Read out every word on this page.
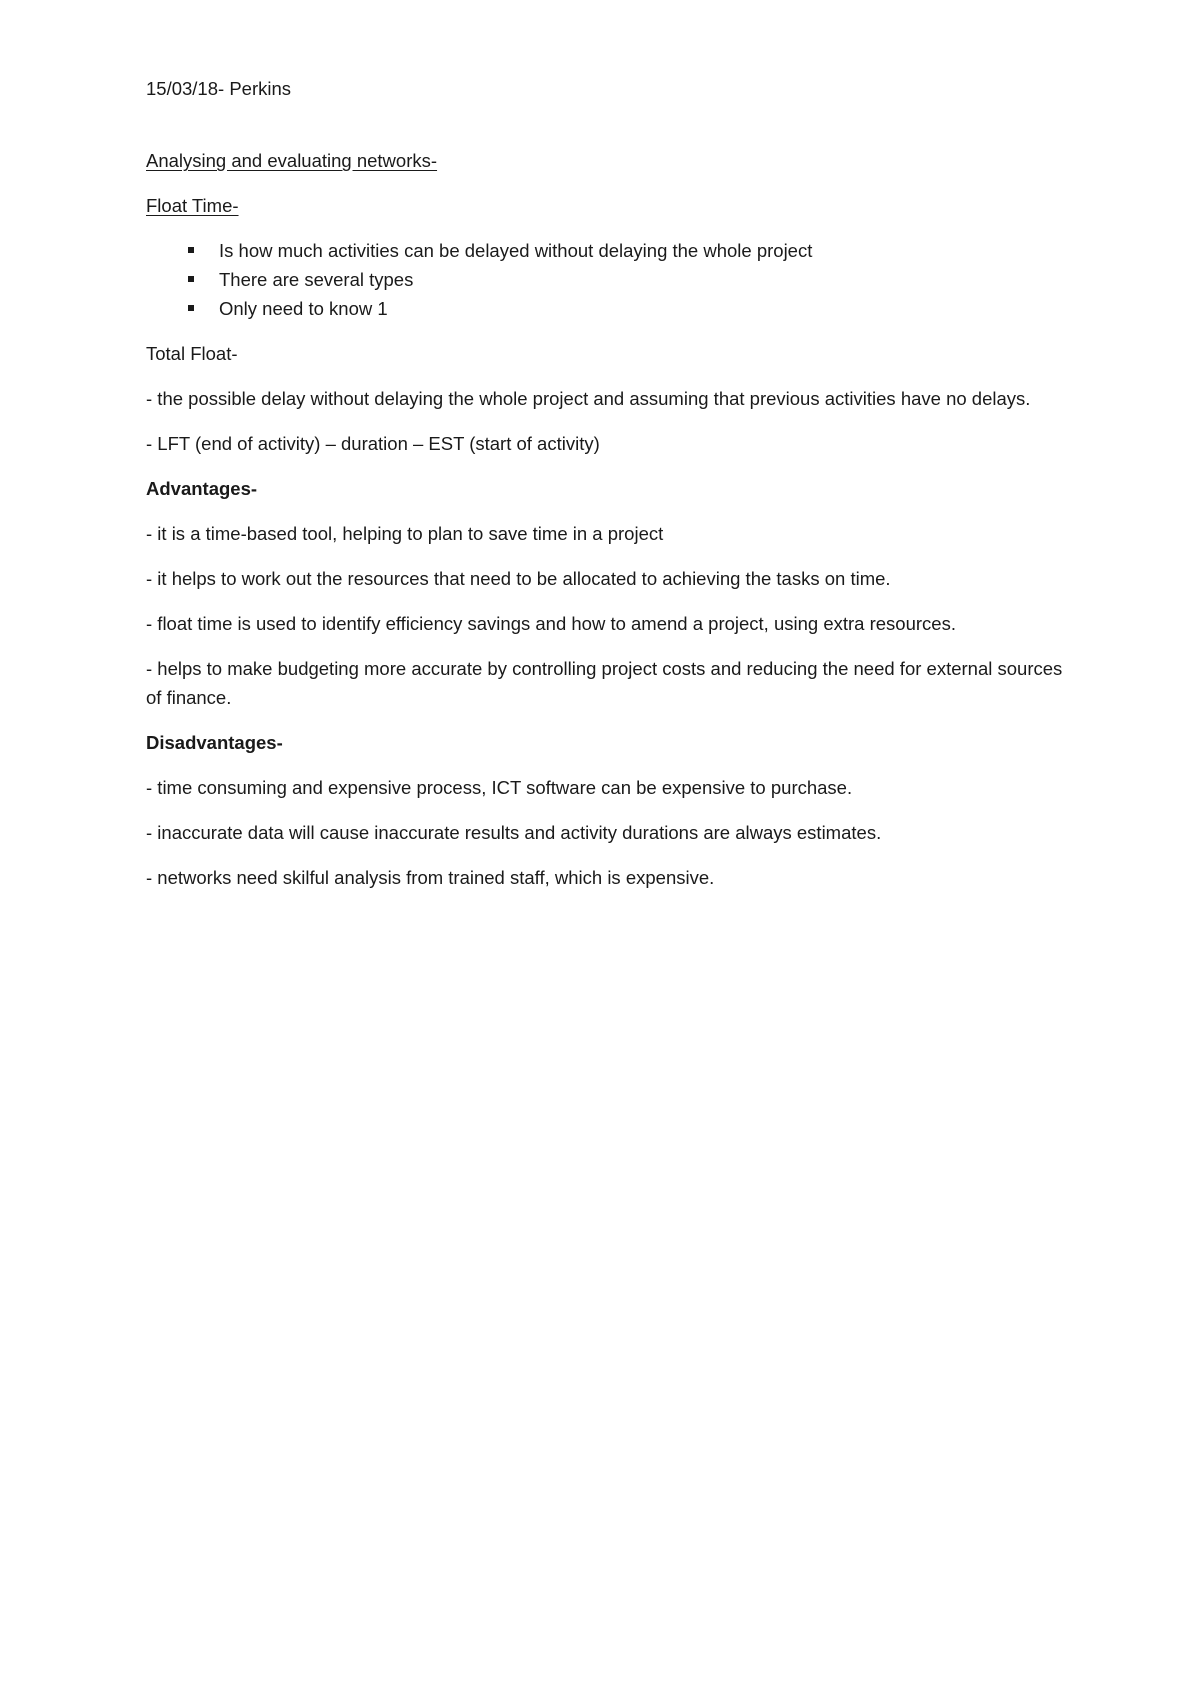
15/03/18- Perkins

Analysing and evaluating networks-

Float Time-

Is how much activities can be delayed without delaying the whole project
There are several types
Only need to know 1

Total Float-

- the possible delay without delaying the whole project and assuming that previous activities have no delays.

- LFT (end of activity) – duration – EST (start of activity)

Advantages-

- it is a time-based tool, helping to plan to save time in a project

- it helps to work out the resources that need to be allocated to achieving the tasks on time.

- float time is used to identify efficiency savings and how to amend a project, using extra resources.

- helps to make budgeting more accurate by controlling project costs and reducing the need for external sources of finance.

Disadvantages-

- time consuming and expensive process, ICT software can be expensive to purchase.

- inaccurate data will cause inaccurate results and activity durations are always estimates.

- networks need skilful analysis from trained staff, which is expensive.
